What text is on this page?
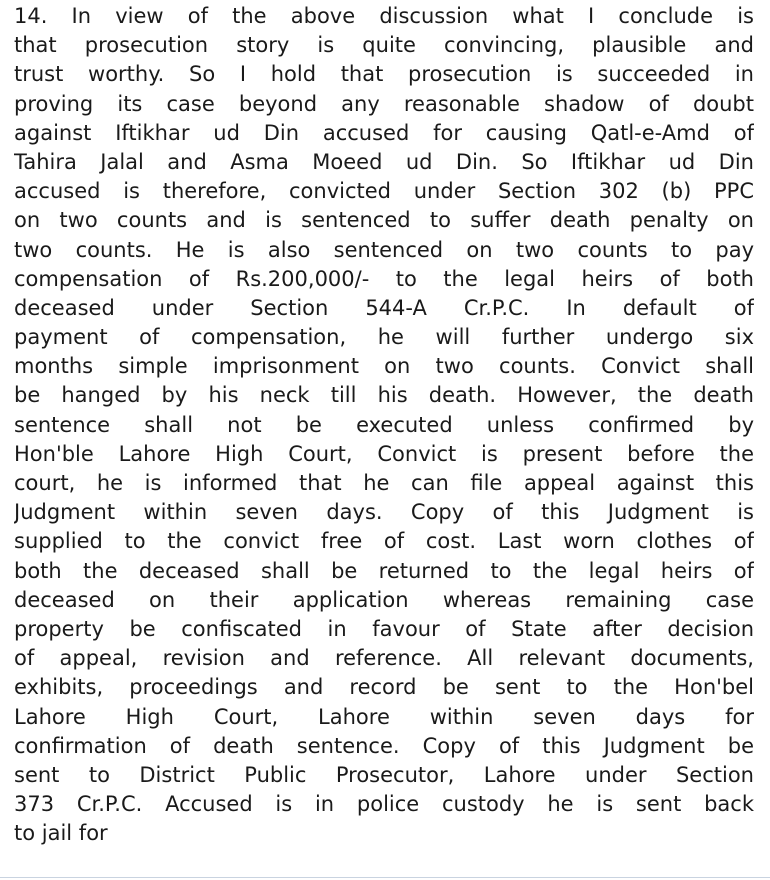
14. In view of the above discussion what I conclude is
that prosecution story is quite convincing, plausible and
trust worthy. So I hold that prosecution is succeeded in
proving its case beyond any reasonable shadow of doubt
against Iftikhar ud Din accused for causing Qatl-e-Amd of
Tahira Jalal and Asma Moeed ud Din. So Iftikhar ud Din
accused is therefore, convicted under Section 302 (b) PPC
on two counts and is sentenced to suffer death penalty on
two counts. He is also sentenced on two counts to pay
compensation of Rs.200,000/- to the legal heirs of both
deceased under Section 544-A Cr.P.C. In default of
payment of compensation, he will further undergo six
months simple imprisonment on two counts. Convict shall
be hanged by his neck till his death. However, the death
sentence shall not be executed unless confirmed by
Hon'ble Lahore High Court, Convict is present before the
court, he is informed that he can file appeal against this
Judgment within seven days. Copy of this Judgment is
supplied to the convict free of cost. Last worn clothes of
both the deceased shall be returned to the legal heirs of
deceased on their application whereas remaining case
property be confiscated in favour of State after decision
of appeal, revision and reference. All relevant documents,
exhibits, proceedings and record be sent to the Hon'bel
Lahore High Court, Lahore within seven days for
confirmation of death sentence. Copy of this Judgment be
sent to District Public Prosecutor, Lahore under Section
373 Cr.P.C. Accused is in police custody he is sent back
to jail for
